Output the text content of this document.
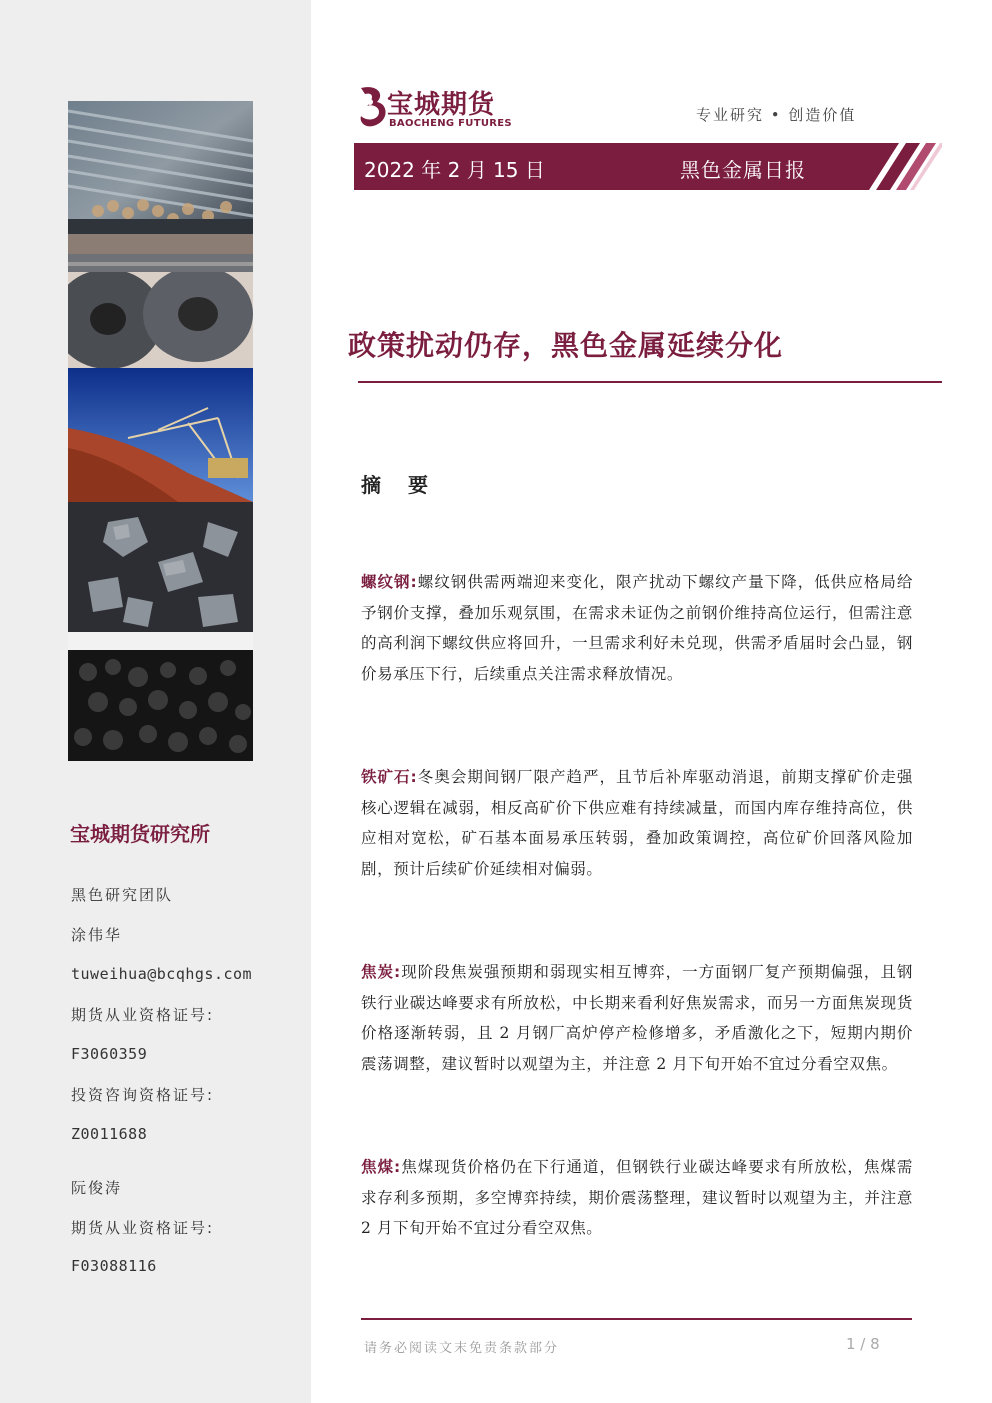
宝城期货研究所
黑色研究团队
涂伟华
tuweihua@bcqhgs.com
期货从业资格证号:
F3060359
投资咨询资格证号:
Z0011688
阮俊涛
期货从业资格证号:
F03088116
宝城期货
BAOCHENG FUTURES	专业研究 • 创造价值
2022 年 2 月 15 日	黑色金属日报
政策扰动仍存，黑色金属延续分化
摘 要
螺纹钢:螺纹钢供需两端迎来变化，限产扰动下螺纹产量下降，低供应格局给予钢价支撑，叠加乐观氛围，在需求未证伪之前钢价维持高位运行，但需注意的高利润下螺纹供应将回升，一旦需求利好未兑现，供需矛盾届时会凸显，钢价易承压下行，后续重点关注需求释放情况。
铁矿石:冬奥会期间钢厂限产趋严，且节后补库驱动消退，前期支撑矿价走强核心逻辑在减弱，相反高矿价下供应难有持续减量，而国内库存维持高位，供应相对宽松，矿石基本面易承压转弱，叠加政策调控，高位矿价回落风险加剧，预计后续矿价延续相对偏弱。
焦炭:现阶段焦炭强预期和弱现实相互博弈，一方面钢厂复产预期偏强，且钢铁行业碳达峰要求有所放松，中长期来看利好焦炭需求，而另一方面焦炭现货价格逐渐转弱，且 2 月钢厂高炉停产检修增多，矛盾激化之下，短期内期价震荡调整，建议暂时以观望为主，并注意 2 月下旬开始不宜过分看空双焦。
焦煤:焦煤现货价格仍在下行通道，但钢铁行业碳达峰要求有所放松，焦煤需求存利多预期，多空博弈持续，期价震荡整理，建议暂时以观望为主，并注意 2 月下旬开始不宜过分看空双焦。
请务必阅读文末免责条款部分	1 / 8
